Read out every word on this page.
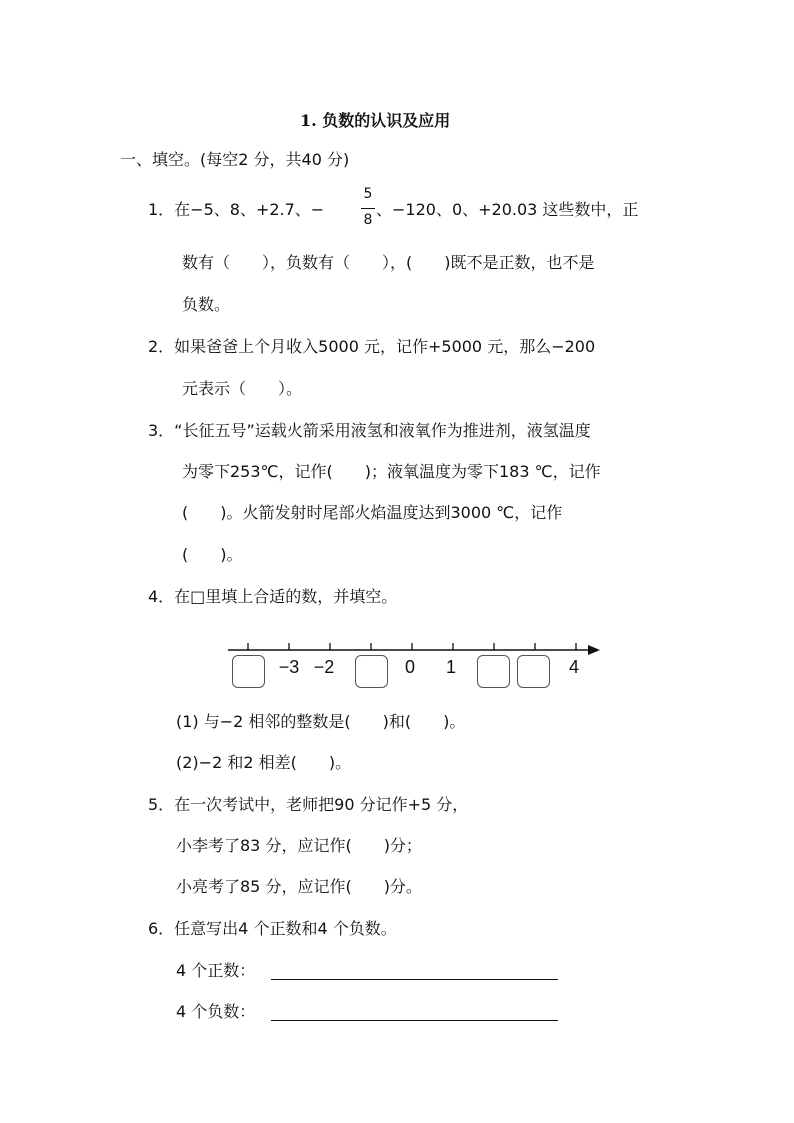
1. 负数的认识及应用
一、填空。(每空2 分，共40 分)
1．在−5、8、+2.7、−
5
8
、−120、0、+20.03 这些数中，正
数有（　　），负数有（　　），(　　)既不是正数，也不是
负数。
2．如果爸爸上个月收入5000 元，记作+5000 元，那么−200
元表示（　　）。
3．“长征五号”运载火箭采用液氢和液氧作为推进剂，液氢温度
为零下253℃，记作(　　)；液氧温度为零下183 ℃，记作
(　　)。火箭发射时尾部火焰温度达到3000 ℃，记作
(　　)。
4．在□里填上合适的数，并填空。
−3 −2	0 1	4
(1) 与−2 相邻的整数是(　　)和(　　)。
(2)−2 和2 相差(　　)。
5．在一次考试中，老师把90 分记作+5 分，
小李考了83 分，应记作(　　)分；
小亮考了85 分，应记作(　　)分。
6．任意写出4 个正数和4 个负数。
4 个正数：
4 个负数：
